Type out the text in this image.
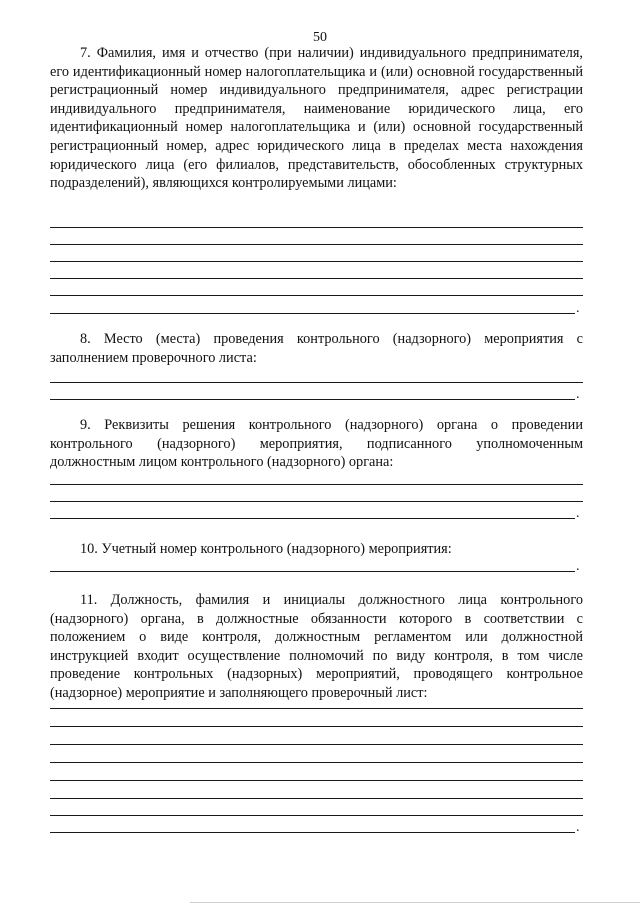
50

7. Фамилия, имя и отчество (при наличии) индивидуального предпринимателя, его идентификационный номер налогоплательщика и (или) основной государственный регистрационный номер индивидуального предпринимателя, адрес регистрации индивидуального предпринимателя, наименование юридического лица, его идентификационный номер налогоплательщика и (или) основной государственный регистрационный номер, адрес юридического лица в пределах места нахождения юридического лица (его филиалов, представительств, обособленных структурных подразделений), являющихся контролируемыми лицами:

.

8. Место (места) проведения контрольного (надзорного) мероприятия с заполнением проверочного листа:

.

9. Реквизиты решения контрольного (надзорного) органа о проведении контрольного (надзорного) мероприятия, подписанного уполномоченным должностным лицом контрольного (надзорного) органа:

.

10. Учетный номер контрольного (надзорного) мероприятия:

.

11. Должность, фамилия и инициалы должностного лица контрольного (надзорного) органа, в должностные обязанности которого в соответствии с положением о виде контроля, должностным регламентом или должностной инструкцией входит осуществление полномочий по виду контроля, в том числе проведение контрольных (надзорных) мероприятий, проводящего контрольное (надзорное) мероприятие и заполняющего проверочный лист:

.
